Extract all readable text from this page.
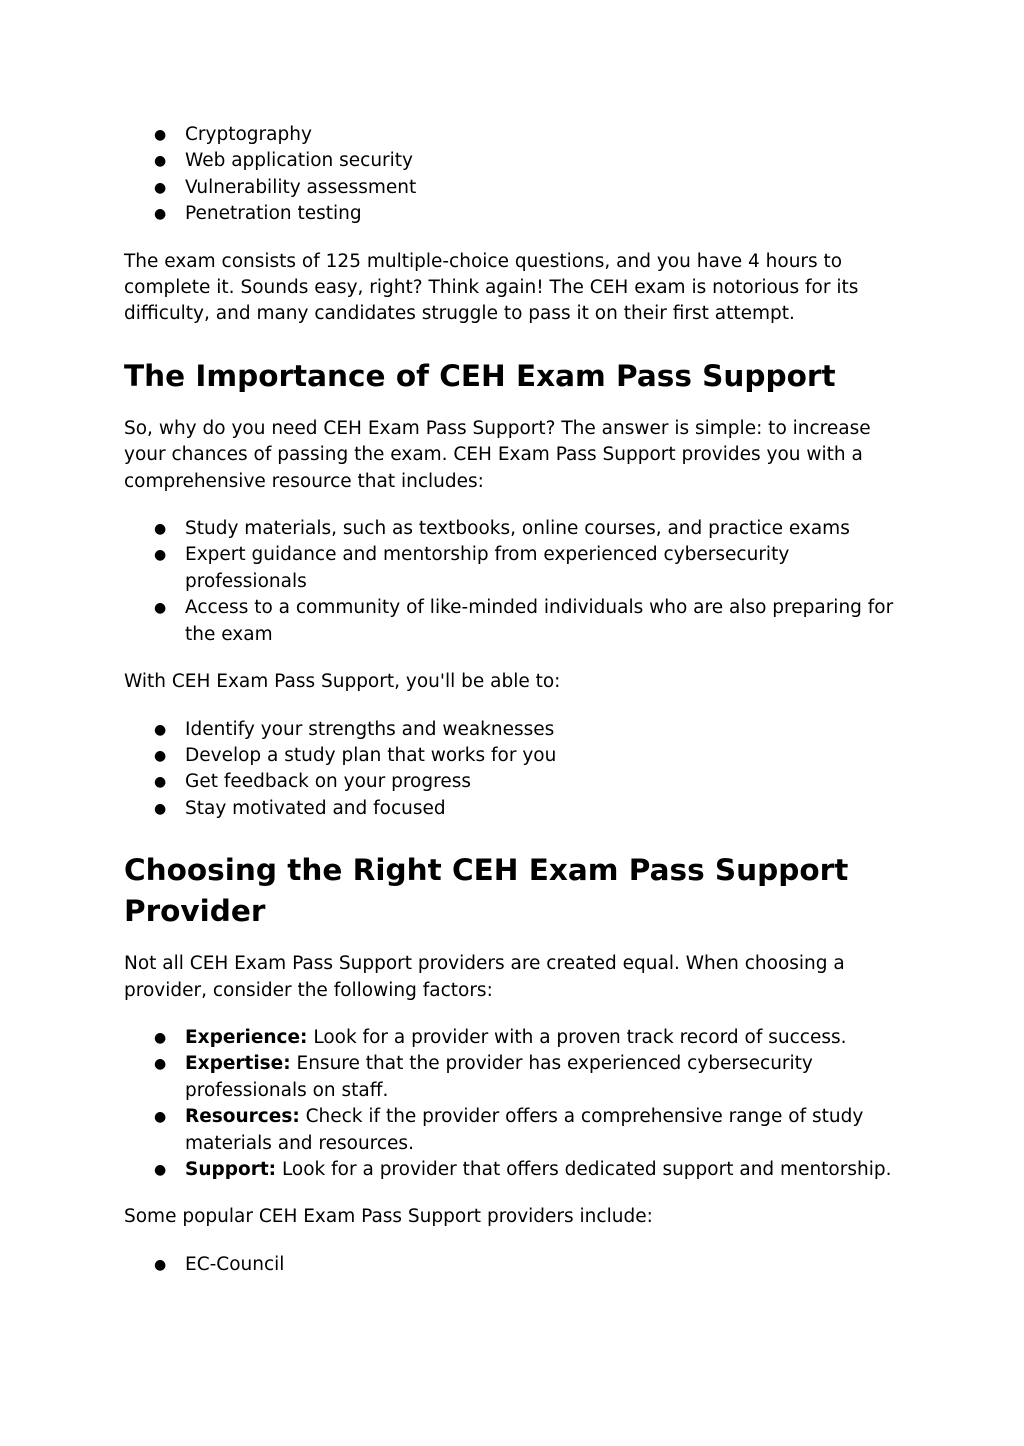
● Cryptography
● Web application security
● Vulnerability assessment
● Penetration testing

The exam consists of 125 multiple-choice questions, and you have 4 hours to complete it. Sounds easy, right? Think again! The CEH exam is notorious for its difficulty, and many candidates struggle to pass it on their first attempt.

The Importance of CEH Exam Pass Support

So, why do you need CEH Exam Pass Support? The answer is simple: to increase your chances of passing the exam. CEH Exam Pass Support provides you with a comprehensive resource that includes:

● Study materials, such as textbooks, online courses, and practice exams
● Expert guidance and mentorship from experienced cybersecurity professionals
● Access to a community of like-minded individuals who are also preparing for the exam

With CEH Exam Pass Support, you'll be able to:

● Identify your strengths and weaknesses
● Develop a study plan that works for you
● Get feedback on your progress
● Stay motivated and focused
Choosing the Right CEH Exam Pass Support Provider

Not all CEH Exam Pass Support providers are created equal. When choosing a provider, consider the following factors:

● Experience: Look for a provider with a proven track record of success.
● Expertise: Ensure that the provider has experienced cybersecurity professionals on staff.
● Resources: Check if the provider offers a comprehensive range of study materials and resources.
● Support: Look for a provider that offers dedicated support and mentorship.

Some popular CEH Exam Pass Support providers include:

● EC-Council
